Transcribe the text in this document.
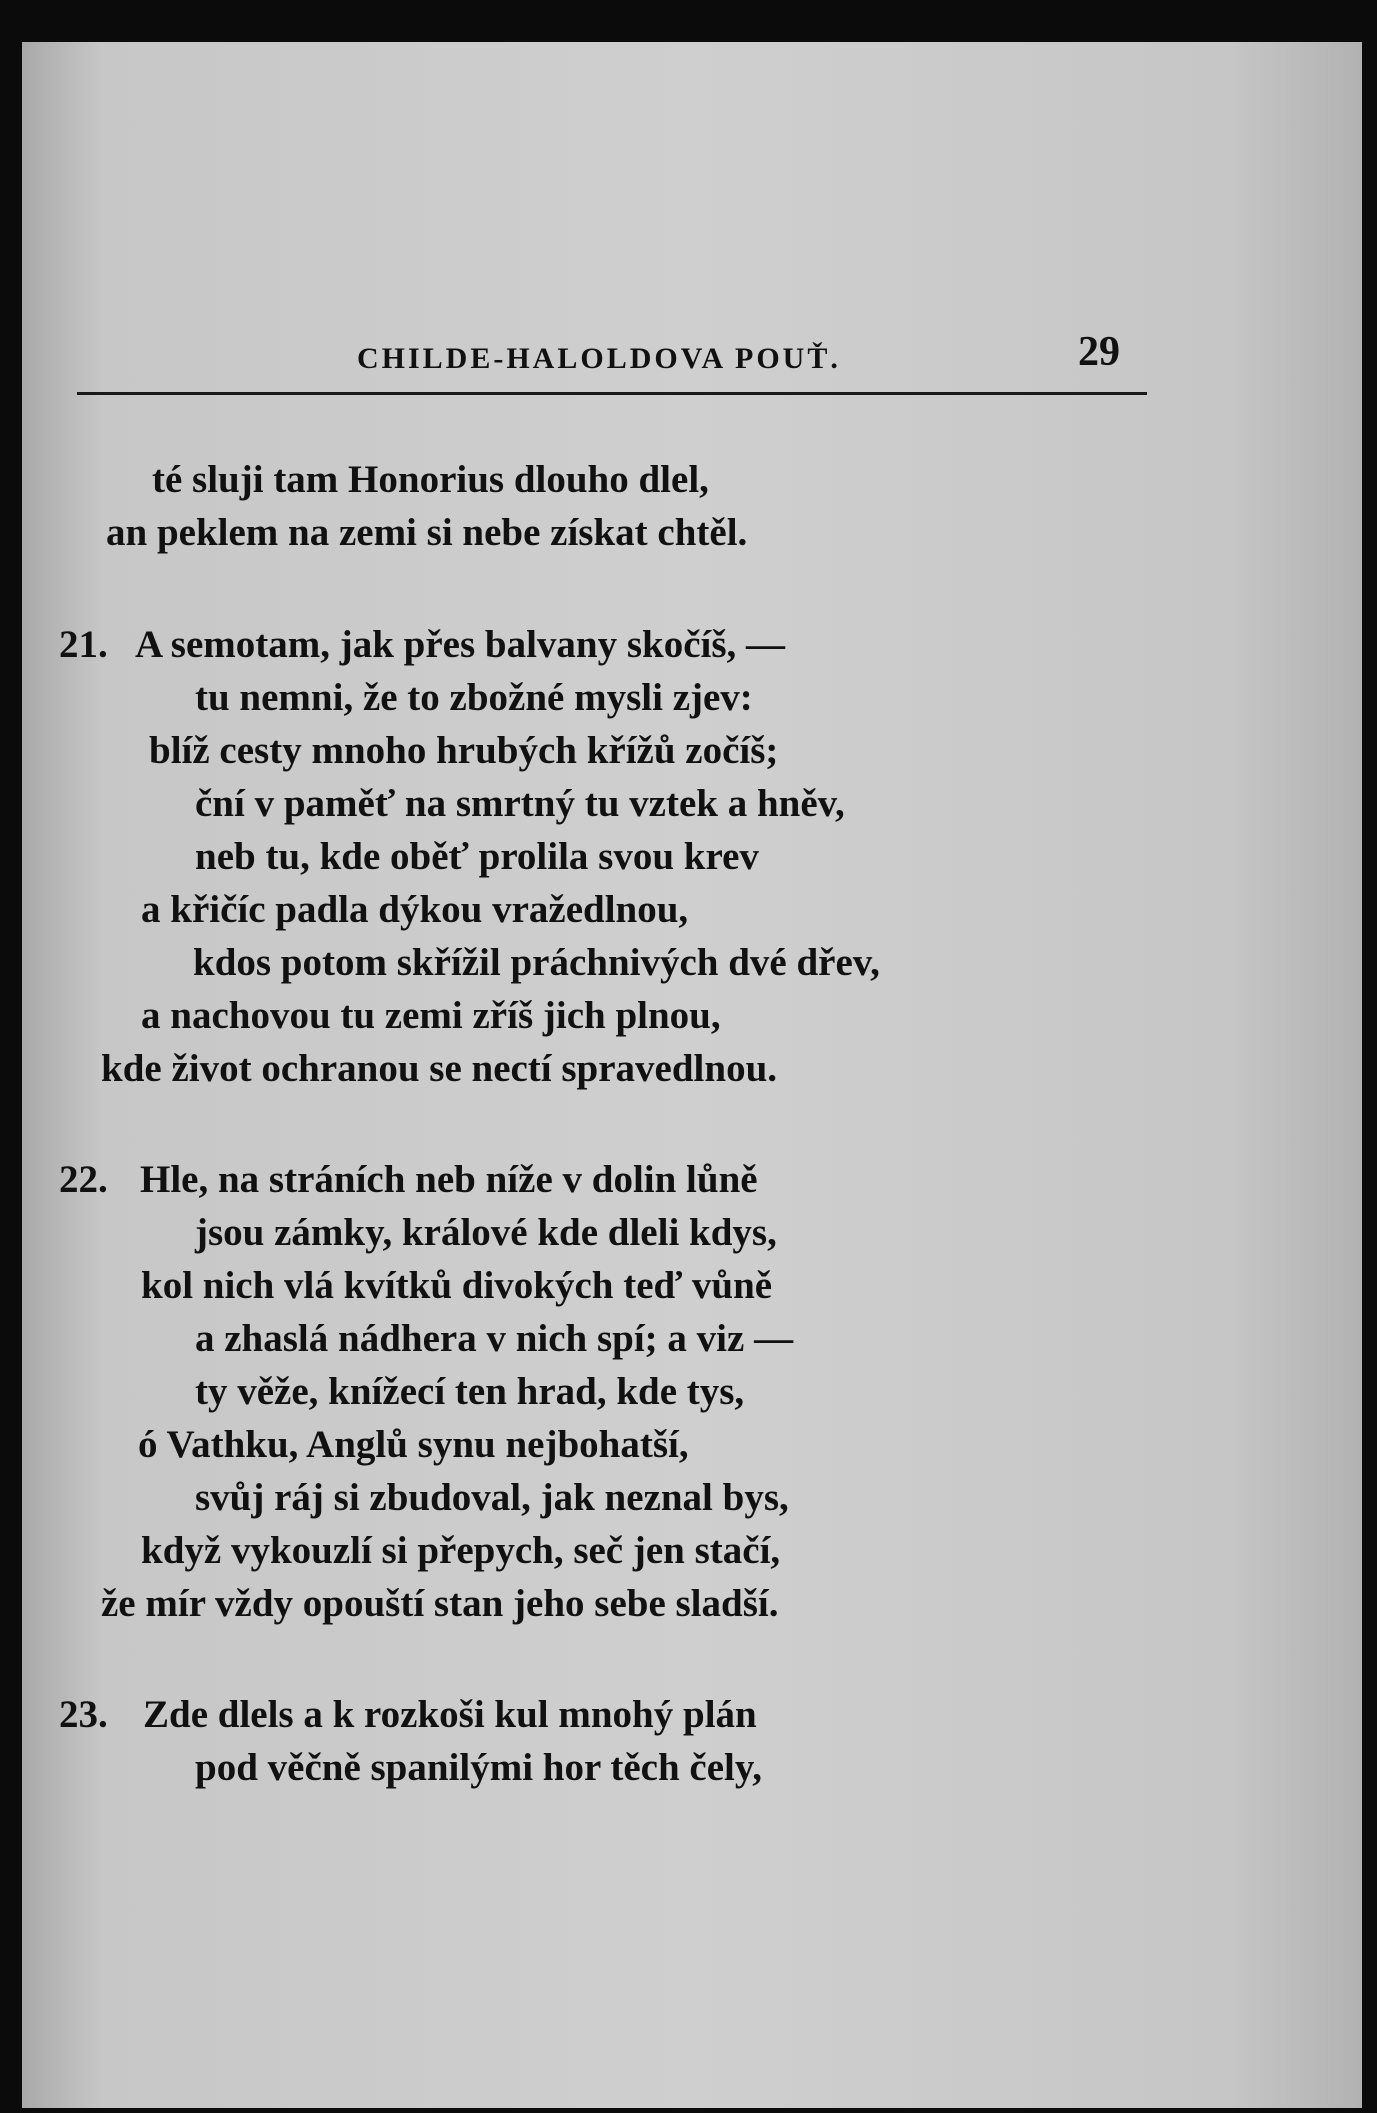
CHILDE-HALOLDOVA POUŤ.	29
té sluji tam Honorius dlouho dlel,
an peklem na zemi si nebe získat chtěl.
21. A semotam, jak přes balvany skočíš, —
tu nemni, že to zbožné mysli zjev:
blíž cesty mnoho hrubých křížů zočíš;
ční v paměť na smrtný tu vztek a hněv,
neb tu, kde oběť prolila svou krev
a křičíc padla dýkou vražedlnou,
kdos potom skřížil práchnivých dvé dřev,
a nachovou tu zemi zříš jich plnou,
kde život ochranou se nectí spravedlnou.
22. Hle, na stráních neb níže v dolin lůně
jsou zámky, králové kde dleli kdys,
kol nich vlá kvítků divokých teď vůně
a zhaslá nádhera v nich spí; a viz —
ty věže, knížecí ten hrad, kde tys,
ó Vathku, Anglů synu nejbohatší,
svůj ráj si zbudoval, jak neznal bys,
když vykouzlí si přepych, seč jen stačí,
že mír vždy opouští stan jeho sebe sladší.
23. Zde dlels a k rozkoši kul mnohý plán
pod věčně spanilými hor těch čely,
